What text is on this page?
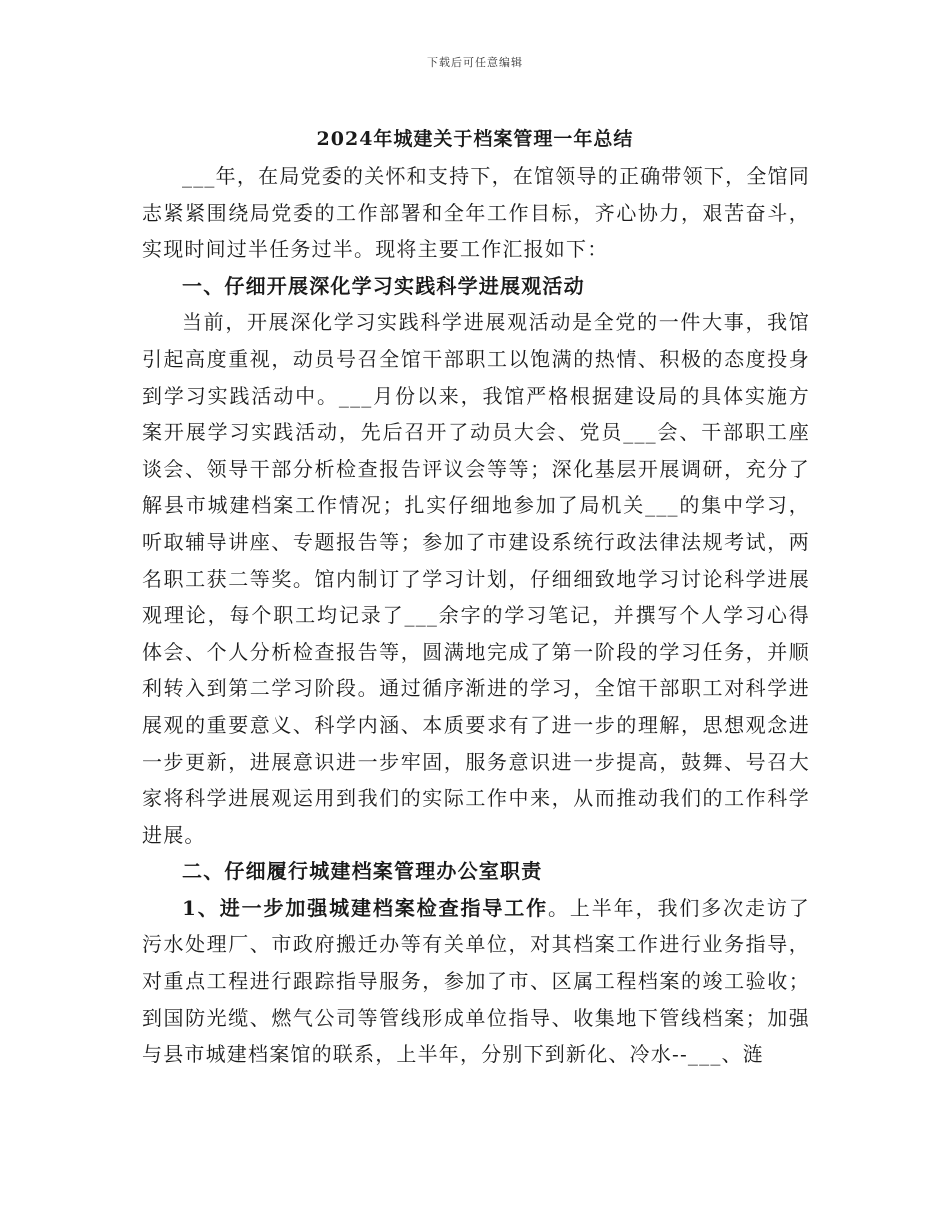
下载后可任意编辑
2024年城建关于档案管理一年总结

___年，在局党委的关怀和支持下，在馆领导的正确带领下，全馆同志紧紧围绕局党委的工作部署和全年工作目标，齐心协力，艰苦奋斗，实现时间过半任务过半。现将主要工作汇报如下：

一、仔细开展深化学习实践科学进展观活动

当前，开展深化学习实践科学进展观活动是全党的一件大事，我馆引起高度重视，动员号召全馆干部职工以饱满的热情、积极的态度投身到学习实践活动中。___月份以来，我馆严格根据建设局的具体实施方案开展学习实践活动，先后召开了动员大会、党员___会、干部职工座谈会、领导干部分析检查报告评议会等等；深化基层开展调研，充分了解县市城建档案工作情况；扎实仔细地参加了局机关___的集中学习，听取辅导讲座、专题报告等；参加了市建设系统行政法律法规考试，两名职工获二等奖。馆内制订了学习计划，仔细细致地学习讨论科学进展观理论，每个职工均记录了___余字的学习笔记，并撰写个人学习心得体会、个人分析检查报告等，圆满地完成了第一阶段的学习任务，并顺利转入到第二学习阶段。通过循序渐进的学习，全馆干部职工对科学进展观的重要意义、科学内涵、本质要求有了进一步的理解，思想观念进一步更新，进展意识进一步牢固，服务意识进一步提高，鼓舞、号召大家将科学进展观运用到我们的实际工作中来，从而推动我们的工作科学进展。

二、仔细履行城建档案管理办公室职责

1、进一步加强城建档案检查指导工作。上半年，我们多次走访了污水处理厂、市政府搬迁办等有关单位，对其档案工作进行业务指导，对重点工程进行跟踪指导服务，参加了市、区属工程档案的竣工验收；到国防光缆、燃气公司等管线形成单位指导、收集地下管线档案；加强与县市城建档案馆的联系，上半年，分别下到新化、冷水--___、涟
